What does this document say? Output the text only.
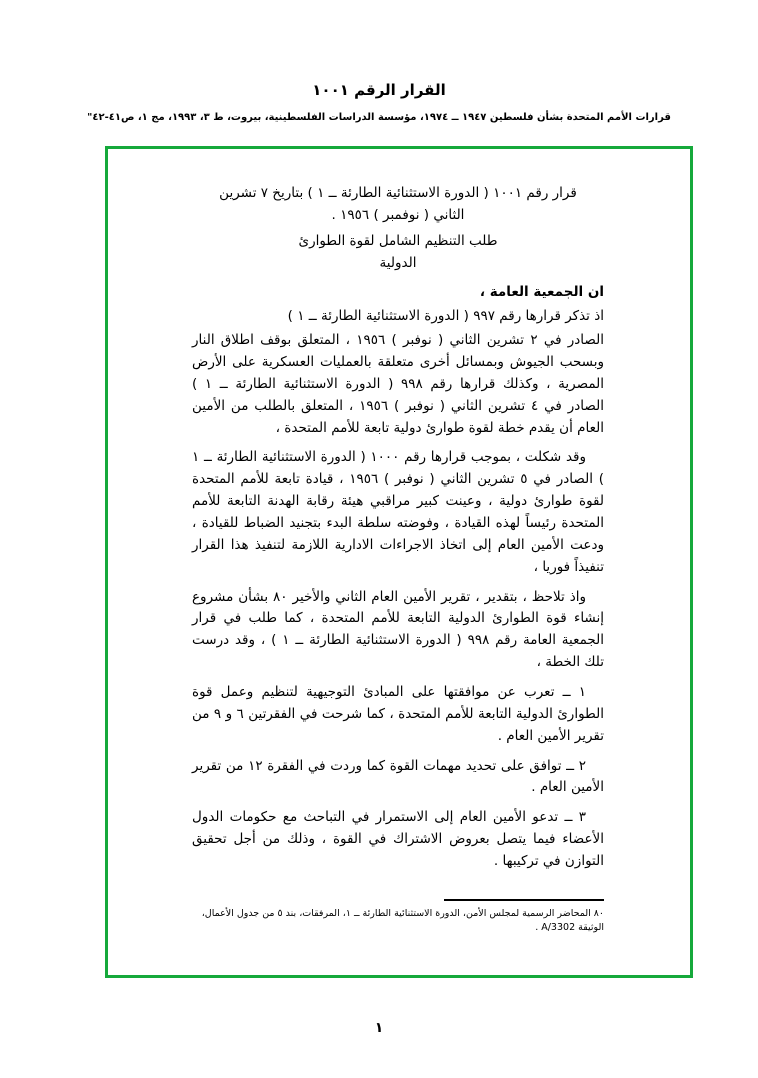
القرار الرقم ١٠٠١

قرارات الأمم المتحدة بشأن فلسطين ١٩٤٧ ــ ١٩٧٤، مؤسسة الدراسات الفلسطينية، بيروت، ط ٣، ١٩٩٣، مج ١، ص٤١-٤٢"

قرار رقم ١٠٠١ ( الدورة الاستثنائية الطارئة ــ ١ ) بتاريخ ٧ تشرين
الثاني ( نوفمبر ) ١٩٥٦ .
طلب التنظيم الشامل لقوة الطوارئ
الدولية

ان الجمعية العامة ،

اذ تذكر قرارها رقم ٩٩٧ ( الدورة الاستثنائية الطارئة ــ ١ )

الصادر في ٢ تشرين الثاني ( نوفبر ) ١٩٥٦ ، المتعلق بوقف اطلاق النار وبسحب الجيوش وبمسائل أخرى متعلقة بالعمليات العسكرية على الأرض المصرية ، وكذلك قرارها رقم ٩٩٨ ( الدورة الاستثنائية الطارئة ــ ١ ) الصادر في ٤ تشرين الثاني ( نوفبر ) ١٩٥٦ ، المتعلق بالطلب من الأمين العام أن يقدم خطة لقوة طوارئ دولية تابعة للأمم المتحدة ،

وقد شكلت ، بموجب قرارها رقم ١٠٠٠ ( الدورة الاستثنائية الطارئة ــ ١ ) الصادر في ٥ تشرين الثاني ( نوفبر ) ١٩٥٦ ، قيادة تابعة للأمم المتحدة لقوة طوارئ دولية ، وعينت كبير مراقبي هيئة رقابة الهدنة التابعة للأمم المتحدة رئيساً لهذه القيادة ، وفوضته سلطة البدء بتجنيد الضباط للقيادة ، ودعت الأمين العام إلى اتخاذ الاجراءات الادارية اللازمة لتنفيذ هذا القرار تنفيذاً فوريا ،

واذ تلاحظ ، بتقدير ، تقرير الأمين العام الثاني والأخير ٨٠ بشأن مشروع إنشاء قوة الطوارئ الدولية التابعة للأمم المتحدة ، كما طلب في قرار الجمعية العامة رقم ٩٩٨ ( الدورة الاستثنائية الطارئة ــ ١ ) ، وقد درست تلك الخطة ،

١ ــ تعرب عن موافقتها على المبادئ التوجيهية لتنظيم وعمل قوة الطوارئ الدولية التابعة للأمم المتحدة ، كما شرحت في الفقرتين ٦ و ٩ من تقرير الأمين العام .

٢ ــ توافق على تحديد مهمات القوة كما وردت في الفقرة ١٢ من تقرير الأمين العام .

٣ ــ تدعو الأمين العام إلى الاستمرار في التباحث مع حكومات الدول الأعضاء فيما يتصل بعروض الاشتراك في القوة ، وذلك من أجل تحقيق التوازن في تركيبها .

٨٠ المحاضر الرسمية لمجلس الأمن، الدورة الاستثنائية الطارئة ــ ١، المرفقات، بند ٥ من جدول الأعمال، الوثيقة A/3302 .

١
